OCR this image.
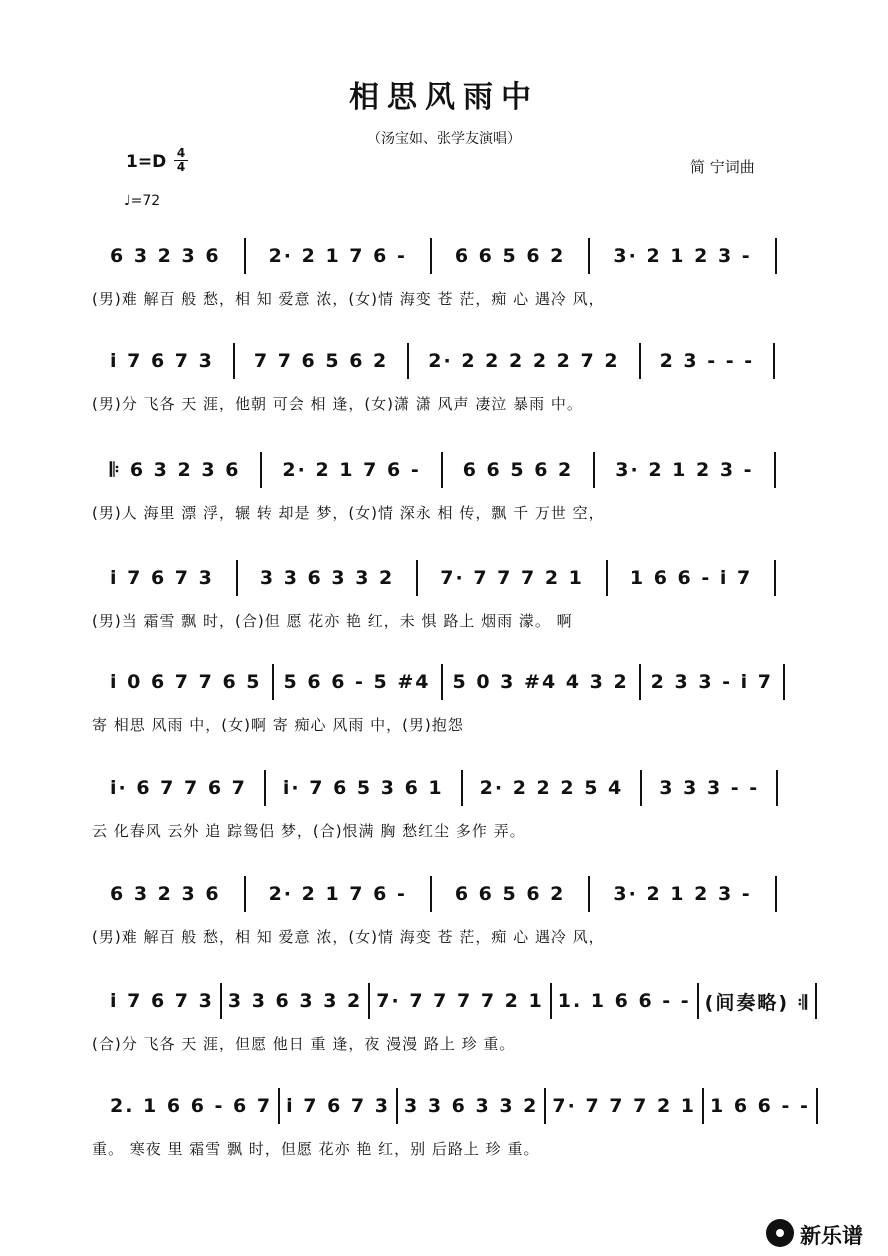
相思风雨中
（汤宝如、张学友演唱）
1=D 4
4	简 宁词曲
♩=72
6 3 2 3 6	2· 2 1 7 6 -	6 6 5 6 2	3· 2 1 2 3 -
(男)难 解百 般 愁，相 知 爱意 浓，(女)情 海变 苍 茫，痴 心 遇冷 风，
i 7 6 7 3 7 7 6 5 6 2 2· 2 2 2 2 2 7 2 2 3 - - -
(男)分 飞各 天 涯，他朝 可会 相 逢，(女)潇 潇 风声 凄泣 暴雨 中。
𝄆 6 3 2 3 6 2· 2 1 7 6 - 6 6 5 6 2 3· 2 1 2 3 -
(男)人 海里 漂 浮，辗 转 却是 梦，(女)情 深永 相 传，飘 千 万世 空，
i 7 6 7 3 3 3 6 3 3 2 7· 7 7 7 2 1 1 6 6 - i 7
(男)当 霜雪 飘 时，(合)但 愿 花亦 艳 红，未 惧 路上 烟雨 濛。 啊
i 0 6 7 7 6 5 5 6 6 - 5 #4 5 0 3 #4 4 3 2 2 3 3 - i 7
寄 相思 风雨 中，(女)啊 寄 痴心 风雨 中，(男)抱怨
i· 6 7 7 6 7 i· 7 6 5 3 6 1 2· 2 2 2 5 4 3 3 3 - -
云 化春风 云外 追 踪鸳侣 梦，(合)恨满 胸 愁红尘 多作 弄。
6 3 2 3 6	2· 2 1 7 6 -	6 6 5 6 2	3· 2 1 2 3 -
(男)难 解百 般 愁，相 知 爱意 浓，(女)情 海变 苍 茫，痴 心 遇冷 风，
i 7 6 7 3 3 3 6 3 3 2 7· 7 7 7 7 2 1 1. 1 6 6 - - (间奏略) 𝄇
(合)分 飞各 天 涯，但愿 他日 重 逢，夜 漫漫 路上 珍 重。
2. 1 6 6 - 6 7 i 7 6 7 3 3 3 6 3 3 2 7· 7 7 7 2 1 1 6 6 - -
重。 寒夜 里 霜雪 飘 时，但愿 花亦 艳 红，别 后路上 珍 重。
新乐谱
